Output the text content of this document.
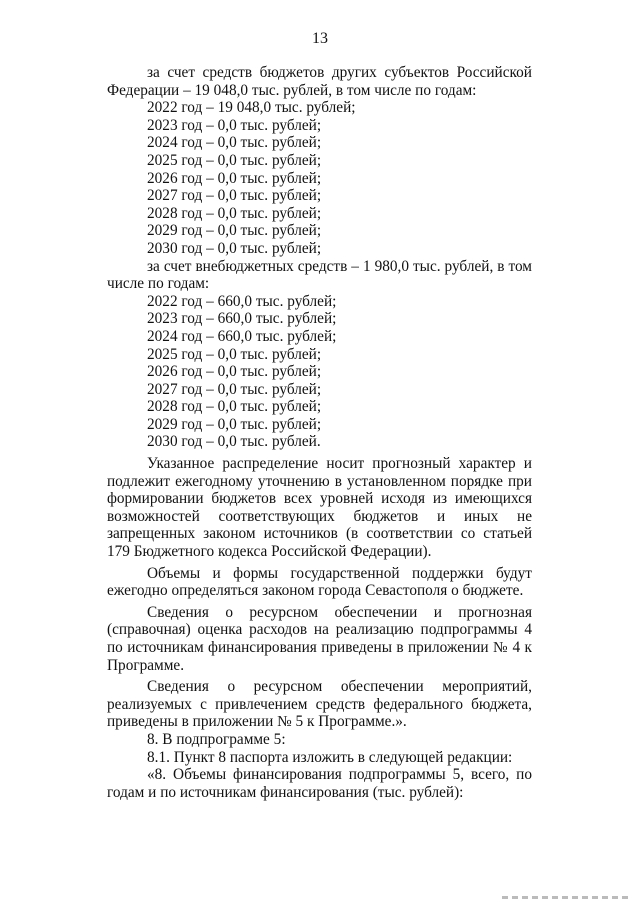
13

за счет средств бюджетов других субъектов Российской Федерации – 19 048,0 тыс. рублей, в том числе по годам:

2022 год – 19 048,0 тыс. рублей;

2023 год – 0,0 тыс. рублей;

2024 год – 0,0 тыс. рублей;

2025 год – 0,0 тыс. рублей;

2026 год – 0,0 тыс. рублей;

2027 год – 0,0 тыс. рублей;

2028 год – 0,0 тыс. рублей;

2029 год – 0,0 тыс. рублей;

2030 год – 0,0 тыс. рублей;

за счет внебюджетных средств – 1 980,0 тыс. рублей, в том числе по годам:

2022 год – 660,0 тыс. рублей;

2023 год – 660,0 тыс. рублей;

2024 год – 660,0 тыс. рублей;

2025 год – 0,0 тыс. рублей;

2026 год – 0,0 тыс. рублей;

2027 год – 0,0 тыс. рублей;

2028 год – 0,0 тыс. рублей;

2029 год – 0,0 тыс. рублей;

2030 год – 0,0 тыс. рублей.

Указанное распределение носит прогнозный характер и подлежит ежегодному уточнению в установленном порядке при формировании бюджетов всех уровней исходя из имеющихся возможностей соответствующих бюджетов и иных не запрещенных законом источников (в соответствии со статьей 179 Бюджетного кодекса Российской Федерации).

Объемы и формы государственной поддержки будут ежегодно определяться законом города Севастополя о бюджете.

Сведения о ресурсном обеспечении и прогнозная (справочная) оценка расходов на реализацию подпрограммы 4 по источникам финансирования приведены в приложении № 4 к Программе.

Сведения о ресурсном обеспечении мероприятий, реализуемых с привлечением средств федерального бюджета, приведены в приложении № 5 к Программе.».

8. В подпрограмме 5:

8.1. Пункт 8 паспорта изложить в следующей редакции:

«8. Объемы финансирования подпрограммы 5, всего, по годам и по источникам финансирования (тыс. рублей):
